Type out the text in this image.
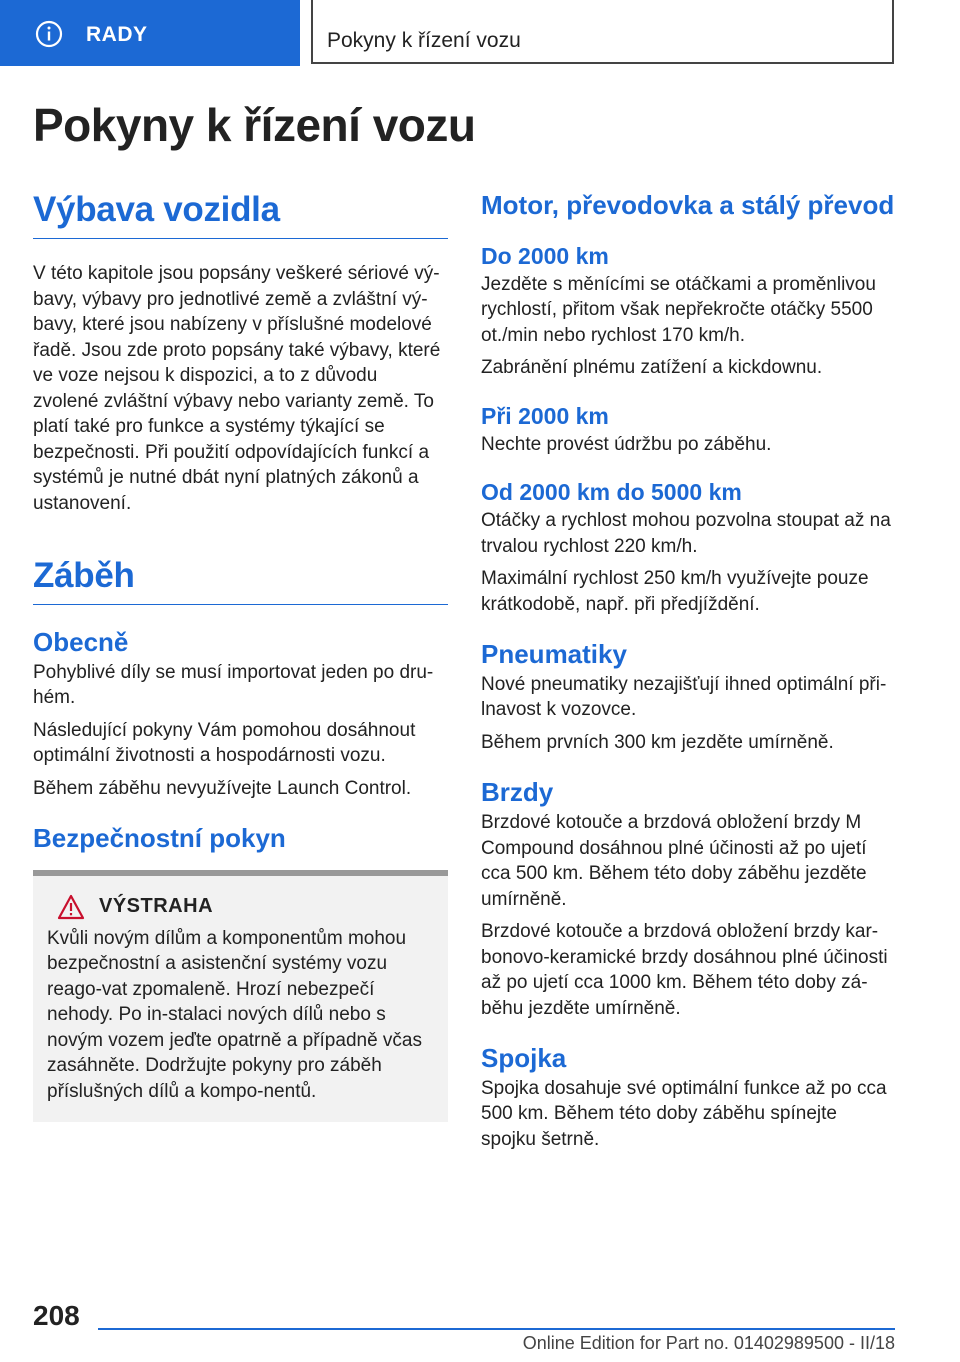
RADY	Pokyny k řízení vozu
Pokyny k řízení vozu
Výbava vozidla

V této kapitole jsou popsány veškeré sériové vý-bavy, výbavy pro jednotlivé země a zvláštní vý-bavy, které jsou nabízeny v příslušné modelové řadě. Jsou zde proto popsány také výbavy, které ve voze nejsou k dispozici, a to z důvodu zvolené zvláštní výbavy nebo varianty země. To platí také pro funkce a systémy týkající se bezpečnosti. Při použití odpovídajících funkcí a systémů je nutné dbát nyní platných zákonů a ustanovení.

Záběh
Obecně

Pohyblivé díly se musí importovat jeden po dru-hém.

Následující pokyny Vám pomohou dosáhnout optimální životnosti a hospodárnosti vozu.

Během záběhu nevyužívejte Launch Control.

Bezpečnostní pokyn
VÝSTRAHA

Kvůli novým dílům a komponentům mohou bezpečnostní a asistenční systémy vozu reago-vat zpomaleně. Hrozí nebezpečí nehody. Po in-stalaci nových dílů nebo s novým vozem jeďte opatrně a případně včas zasáhněte. Dodržujte pokyny pro záběh příslušných dílů a kompo-nentů.

Motor, převodovka a stálý převod
Do 2000 km

Jezděte s měnícími se otáčkami a proměnlivou rychlostí, přitom však nepřekročte otáčky 5500 ot./min nebo rychlost 170 km/h.

Zabránění plnému zatížení a kickdownu.

Při 2000 km

Nechte provést údržbu po záběhu.

Od 2000 km do 5000 km

Otáčky a rychlost mohou pozvolna stoupat až na trvalou rychlost 220 km/h.

Maximální rychlost 250 km/h využívejte pouze krátkodobě, např. při předjíždění.

Pneumatiky

Nové pneumatiky nezajišťují ihned optimální při-lnavost k vozovce.

Během prvních 300 km jezděte umírněně.

Brzdy

Brzdové kotouče a brzdová obložení brzdy M Compound dosáhnou plné účinosti až po ujetí cca 500 km. Během této doby záběhu jezděte umírněně.

Brzdové kotouče a brzdová obložení brzdy kar-bonovo-keramické brzdy dosáhnou plné účinosti až po ujetí cca 1000 km. Během této doby zá-běhu jezděte umírněně.

Spojka

Spojka dosahuje své optimální funkce až po cca 500 km. Během této doby záběhu spínejte spojku šetrně.

208
Online Edition for Part no. 01402989500 - II/18
